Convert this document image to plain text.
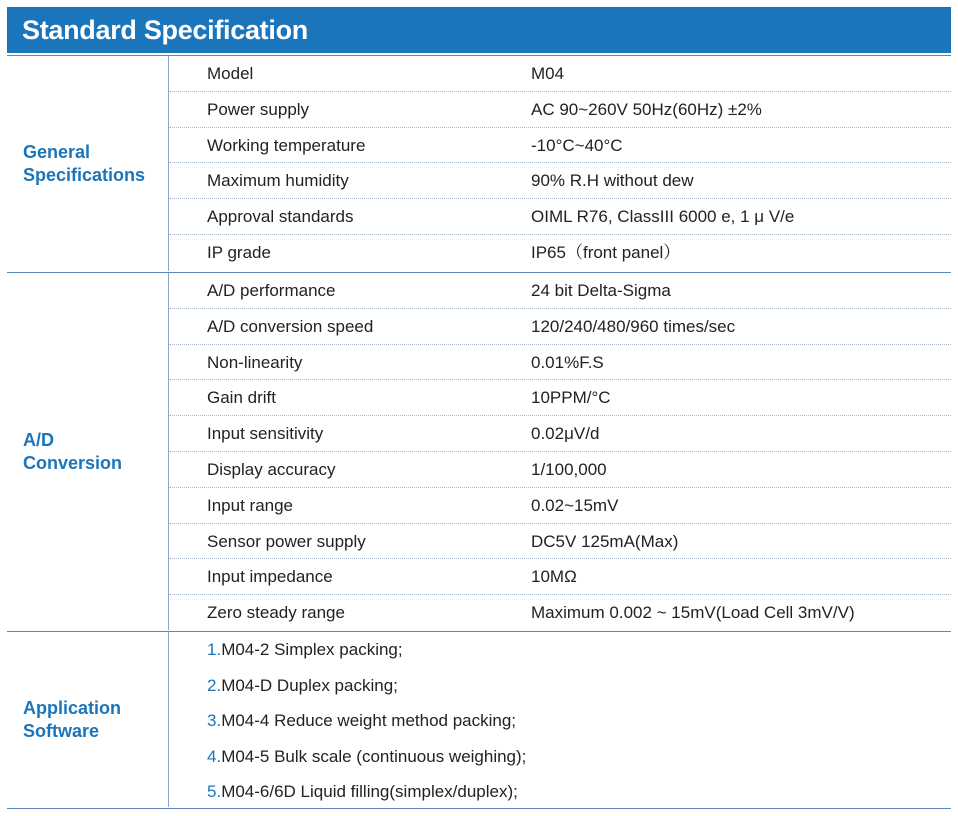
Standard Specification
General
Specifications
Model	M04
Power supply	AC 90~260V 50Hz(60Hz) ±2%
Working temperature	-10°C~40°C
Maximum humidity	90% R.H without dew
Approval standards	OIML R76, ClassIII 6000 e, 1 μ V/e
IP grade	IP65（front panel）
A/D
Conversion
A/D performance	24 bit Delta-Sigma
A/D conversion speed	120/240/480/960 times/sec
Non-linearity	0.01%F.S
Gain drift	10PPM/°C
Input sensitivity	0.02μV/d
Display accuracy	1/100,000
Input range	0.02~15mV
Sensor power supply	DC5V 125mA(Max)
Input impedance	10MΩ
Zero steady range	Maximum 0.002 ~ 15mV(Load Cell 3mV/V)
Application
Software
1.M04-2 Simplex packing;
2.M04-D Duplex packing;
3.M04-4 Reduce weight method packing;
4.M04-5 Bulk scale (continuous weighing);
5.M04-6/6D Liquid filling(simplex/duplex);
